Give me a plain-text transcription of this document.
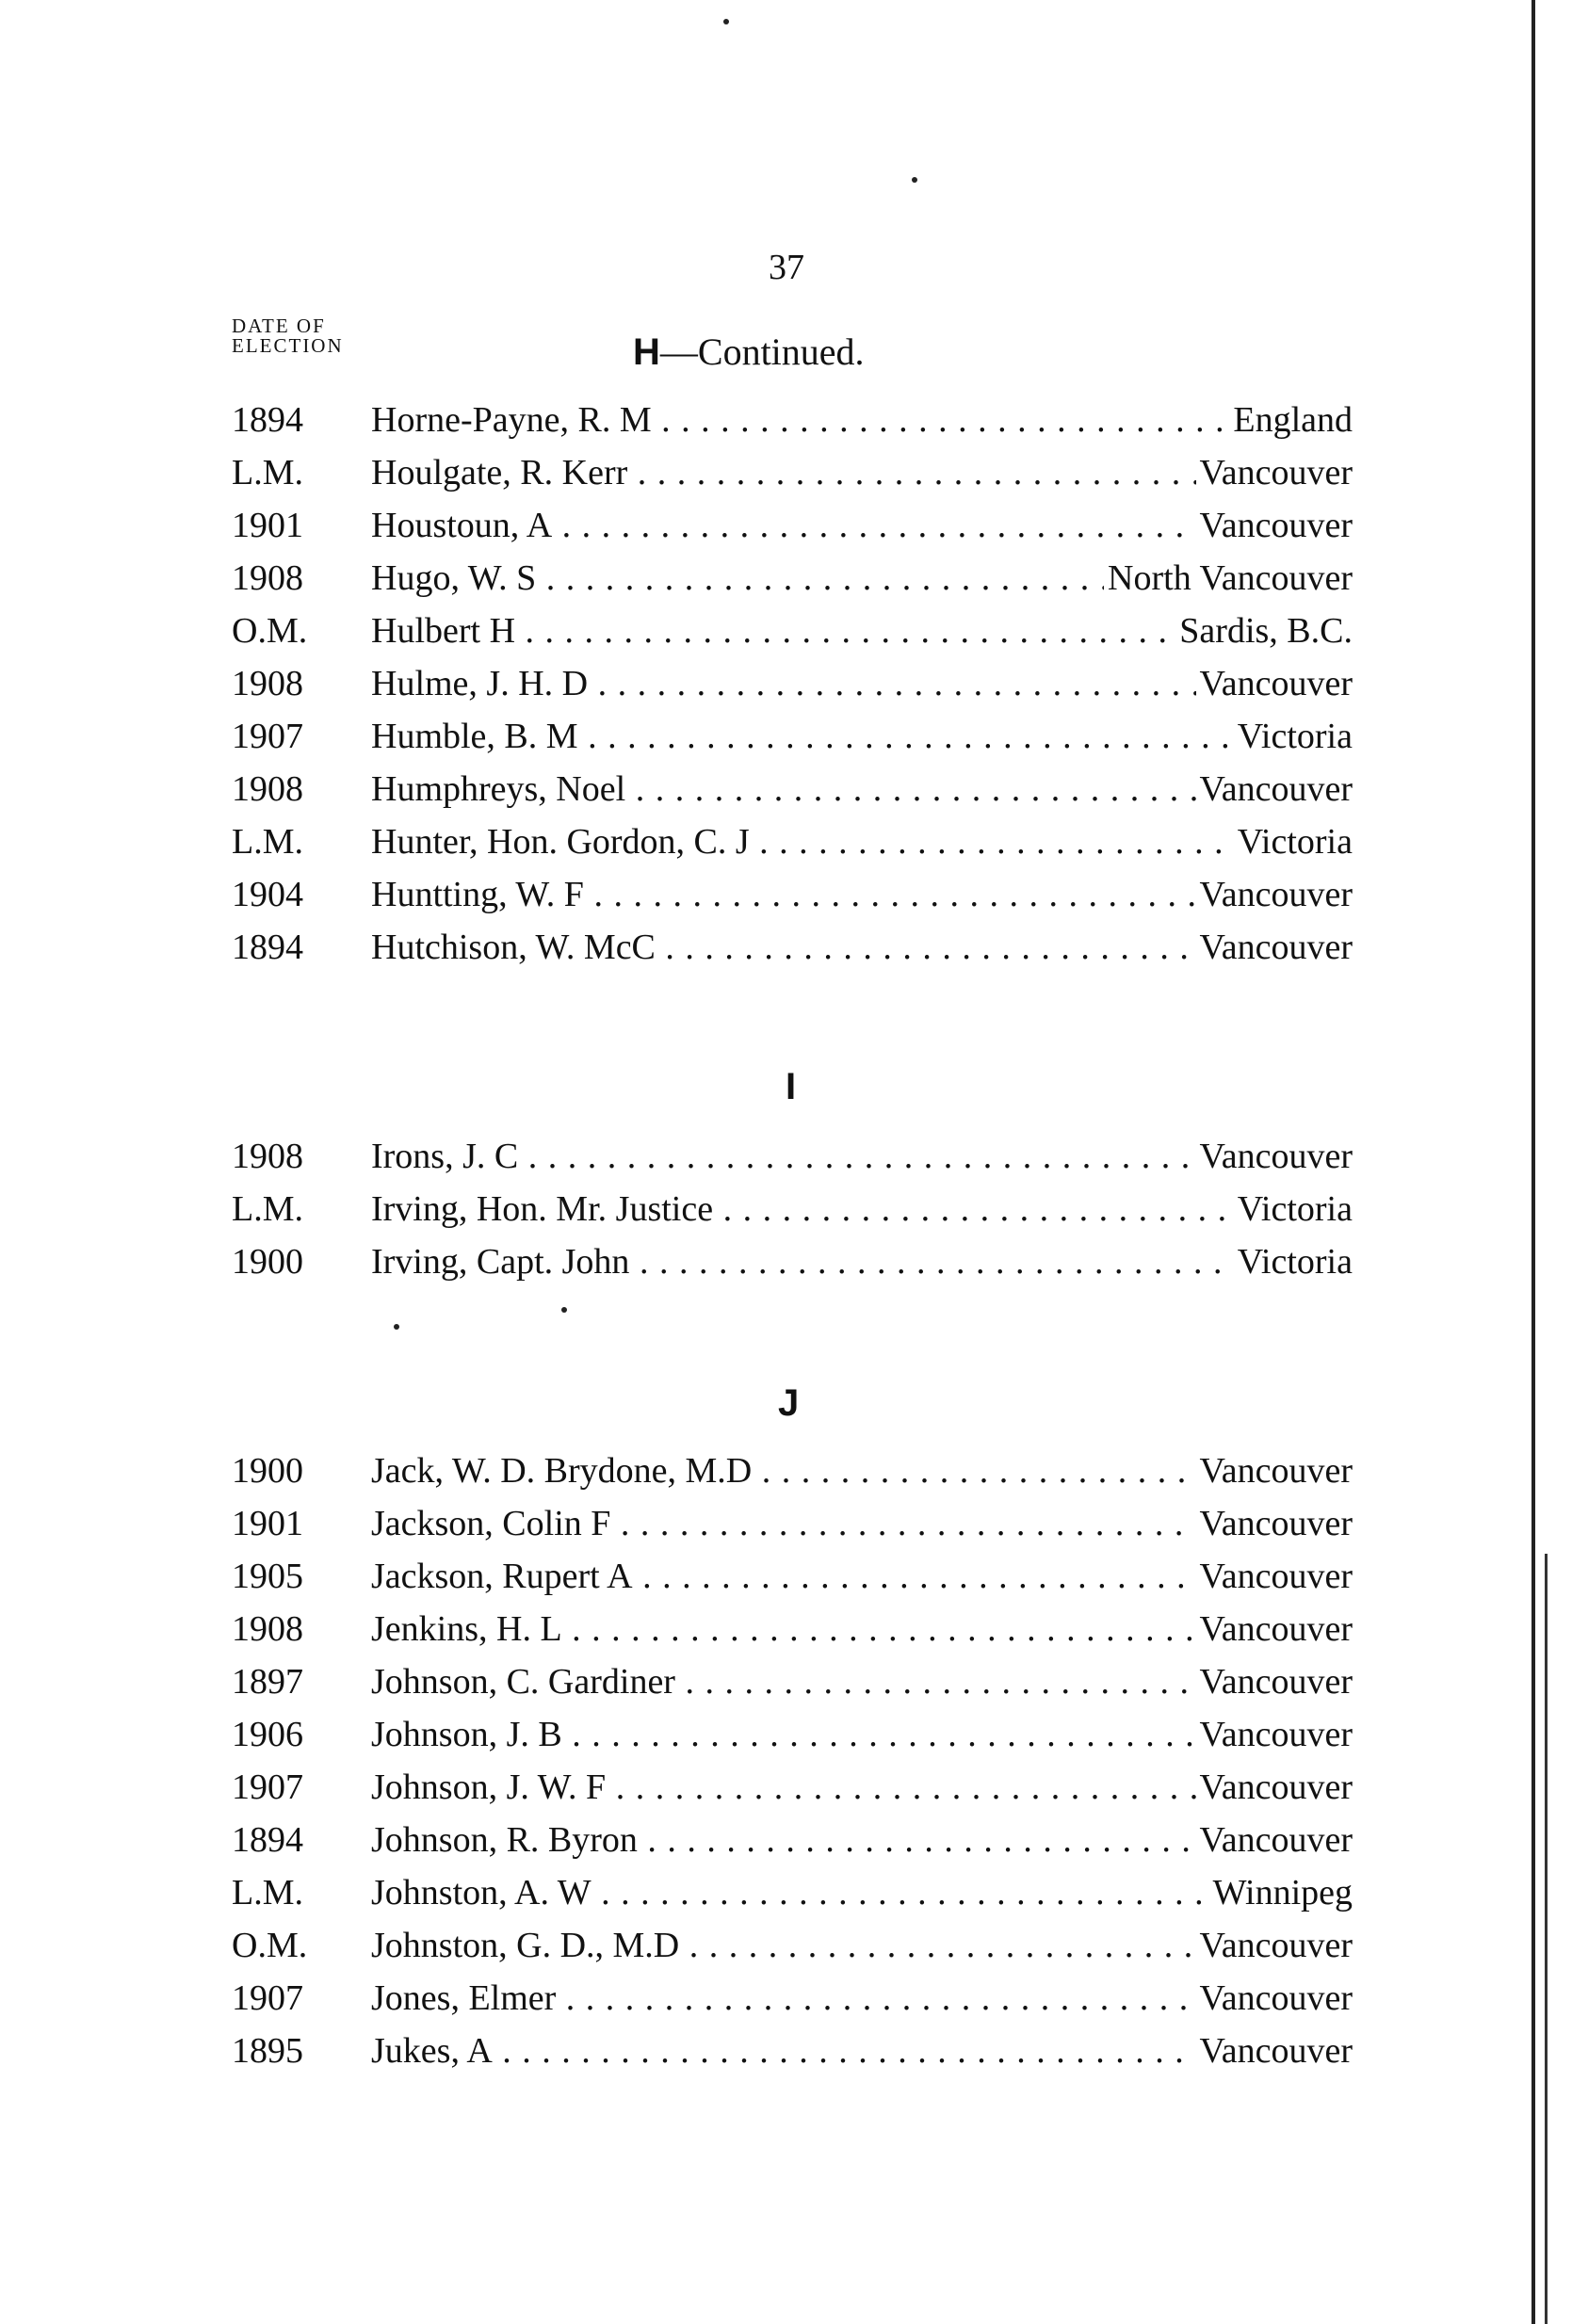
37
DATE OF
ELECTION	H—Continued.
I
J
1894	Horne-Payne, R. M . . .	England
L.M.	Houlgate, R. Kerr . . .	Vancouver
1901	Houstoun, A . . .	Vancouver
1908	Hugo, W. S . . .	North Vancouver
O.M.	Hulbert H . . .	Sardis, B.C.
1908	Hulme, J. H. D . . .	Vancouver
1907	Humble, B. M . . .	Victoria
1908	Humphreys, Noel . . .	Vancouver
L.M.	Hunter, Hon. Gordon, C. J . . .	Victoria
1904	Huntting, W. F . . .	Vancouver
1894	Hutchison, W. McC . . .	Vancouver
1908	Irons, J. C . . .	Vancouver
L.M.	Irving, Hon. Mr. Justice . . .	Victoria
1900	Irving, Capt. John . . .	Victoria
1900	Jack, W. D. Brydone, M.D . . .	Vancouver
1901	Jackson, Colin F . . .	Vancouver
1905	Jackson, Rupert A . . .	Vancouver
1908	Jenkins, H. L . . .	Vancouver
1897	Johnson, C. Gardiner . . .	Vancouver
1906	Johnson, J. B . . .	Vancouver
1907	Johnson, J. W. F . . .	Vancouver
1894	Johnson, R. Byron . . .	Vancouver
L.M.	Johnston, A. W . . .	Winnipeg
O.M.	Johnston, G. D., M.D . . .	Vancouver
1907	Jones, Elmer . . .	Vancouver
1895	Jukes, A . . .	Vancouver
